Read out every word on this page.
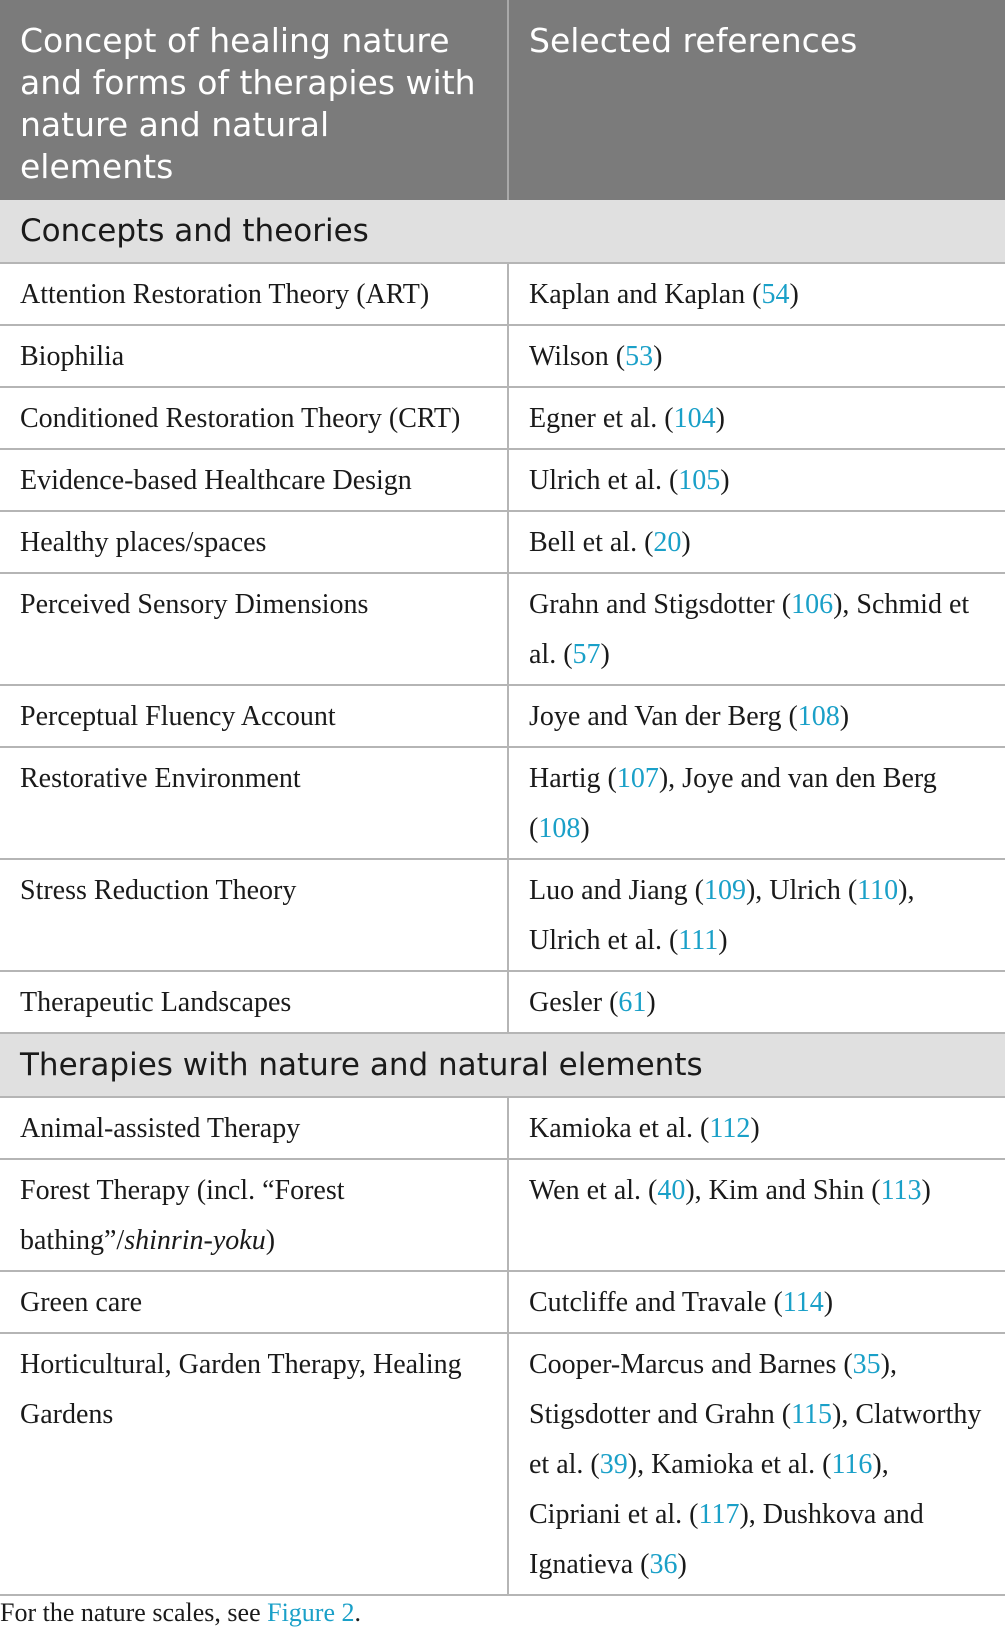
Concept of healing nature and forms of therapies with nature and natural elements	Selected references
Concepts and theories	
Attention Restoration Theory (ART)	Kaplan and Kaplan (54)
Biophilia	Wilson (53)
Conditioned Restoration Theory (CRT)	Egner et al. (104)
Evidence-based Healthcare Design	Ulrich et al. (105)
Healthy places/spaces	Bell et al. (20)
Perceived Sensory Dimensions	Grahn and Stigsdotter (106), Schmid et al. (57)
Perceptual Fluency Account	Joye and Van der Berg (108)
Restorative Environment	Hartig (107), Joye and van den Berg (108)
Stress Reduction Theory	Luo and Jiang (109), Ulrich (110), Ulrich et al. (111)
Therapeutic Landscapes	Gesler (61)
Therapies with nature and natural elements	
Animal-assisted Therapy	Kamioka et al. (112)
Forest Therapy (incl. “Forest bathing”/shinrin-yoku)	Wen et al. (40), Kim and Shin (113)
Green care	Cutcliffe and Travale (114)
Horticultural, Garden Therapy, Healing Gardens	Cooper-Marcus and Barnes (35), Stigsdotter and Grahn (115), Clatworthy et al. (39), Kamioka et al. (116), Cipriani et al. (117), Dushkova and Ignatieva (36)
For the nature scales, see Figure 2.
